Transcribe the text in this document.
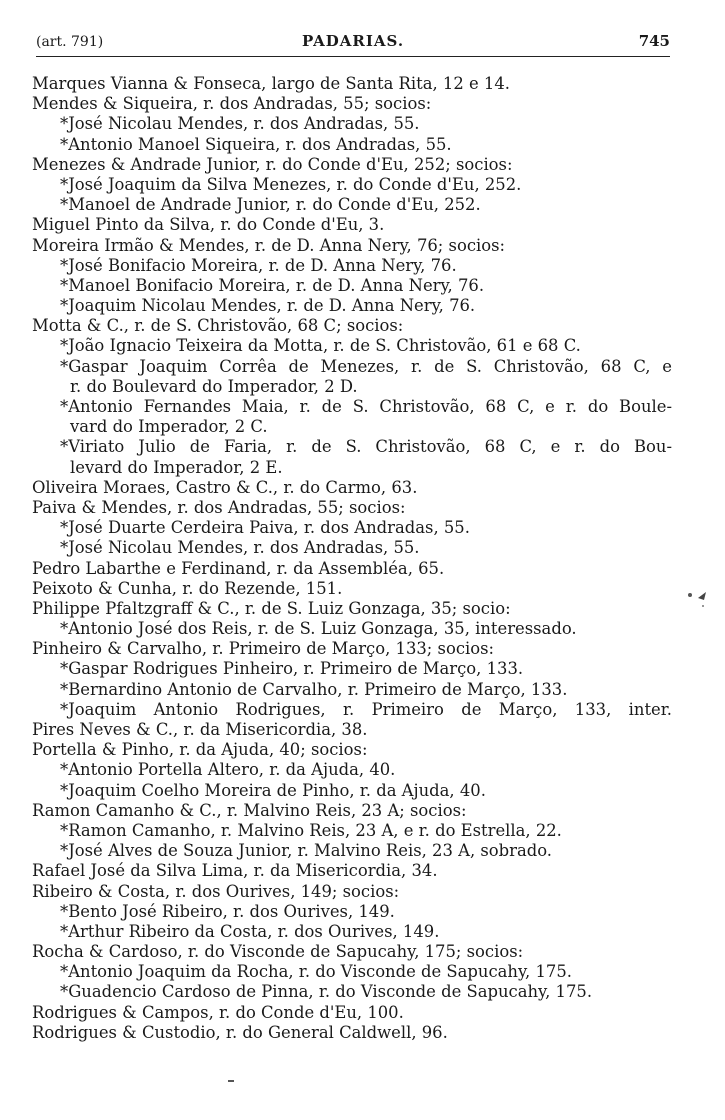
(art. 791)	PADARIAS.	745
Marques Vianna & Fonseca, largo de Santa Rita, 12 e 14.
Mendes & Siqueira, r. dos Andradas, 55; socios:
*José Nicolau Mendes, r. dos Andradas, 55.
*Antonio Manoel Siqueira, r. dos Andradas, 55.
Menezes & Andrade Junior, r. do Conde d'Eu, 252; socios:
*José Joaquim da Silva Menezes, r. do Conde d'Eu, 252.
*Manoel de Andrade Junior, r. do Conde d'Eu, 252.
Miguel Pinto da Silva, r. do Conde d'Eu, 3.
Moreira Irmão & Mendes, r. de D. Anna Nery, 76; socios:
*José Bonifacio Moreira, r. de D. Anna Nery, 76.
*Manoel Bonifacio Moreira, r. de D. Anna Nery, 76.
*Joaquim Nicolau Mendes, r. de D. Anna Nery, 76.
Motta & C., r. de S. Christovão, 68 C; socios:
*João Ignacio Teixeira da Motta, r. de S. Christovão, 61 e 68 C.
*Gaspar Joaquim Corrêa de Menezes, r. de S. Christovão, 68 C, e
r. do Boulevard do Imperador, 2 D.
*Antonio Fernandes Maia, r. de S. Christovão, 68 C, e r. do Boule-
vard do Imperador, 2 C.
*Viriato Julio de Faria, r. de S. Christovão, 68 C, e r. do Bou-
levard do Imperador, 2 E.
Oliveira Moraes, Castro & C., r. do Carmo, 63.
Paiva & Mendes, r. dos Andradas, 55; socios:
*José Duarte Cerdeira Paiva, r. dos Andradas, 55.
*José Nicolau Mendes, r. dos Andradas, 55.
Pedro Labarthe e Ferdinand, r. da Assembléa, 65.
Peixoto & Cunha, r. do Rezende, 151.
Philippe Pfaltzgraff & C., r. de S. Luiz Gonzaga, 35; socio:
*Antonio José dos Reis, r. de S. Luiz Gonzaga, 35, interessado.
Pinheiro & Carvalho, r. Primeiro de Março, 133; socios:
*Gaspar Rodrigues Pinheiro, r. Primeiro de Março, 133.
*Bernardino Antonio de Carvalho, r. Primeiro de Março, 133.
*Joaquim Antonio Rodrigues, r. Primeiro de Março, 133, inter.
Pires Neves & C., r. da Misericordia, 38.
Portella & Pinho, r. da Ajuda, 40; socios:
*Antonio Portella Altero, r. da Ajuda, 40.
*Joaquim Coelho Moreira de Pinho, r. da Ajuda, 40.
Ramon Camanho & C., r. Malvino Reis, 23 A; socios:
*Ramon Camanho, r. Malvino Reis, 23 A, e r. do Estrella, 22.
*José Alves de Souza Junior, r. Malvino Reis, 23 A, sobrado.
Rafael José da Silva Lima, r. da Misericordia, 34.
Ribeiro & Costa, r. dos Ourives, 149; socios:
*Bento José Ribeiro, r. dos Ourives, 149.
*Arthur Ribeiro da Costa, r. dos Ourives, 149.
Rocha & Cardoso, r. do Visconde de Sapucahy, 175; socios:
*Antonio Joaquim da Rocha, r. do Visconde de Sapucahy, 175.
*Guadencio Cardoso de Pinna, r. do Visconde de Sapucahy, 175.
Rodrigues & Campos, r. do Conde d'Eu, 100.
Rodrigues & Custodio, r. do General Caldwell, 96.
